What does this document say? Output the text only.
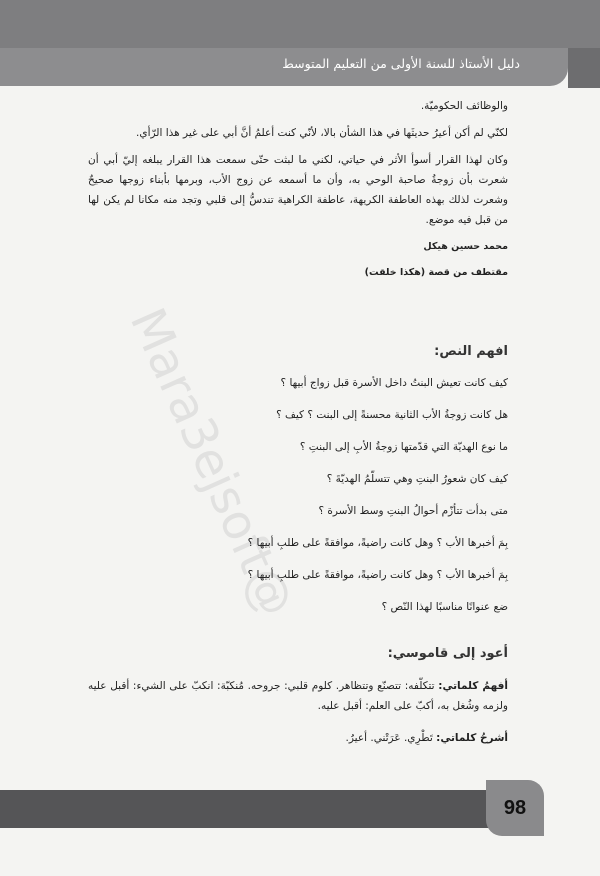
دليل الأستاذ للسنة الأولى من التعليم المتوسط
@Mara3ejsoft

والوظائف الحكوميّة.

لكنّي لم أكن أعيرُ حديثَها في هذا الشأن بالا، لأنّي كنت أعلمُ أنَّ أبي على غير هذا الرّأي.

وكان لهذا القرار أسوأ الأثر في حياتي، لكني ما لبثت حتّى سمعت هذا القرار يبلغه إليّ أبي أن شعرت بأن زوجةُ صاحبة الوحي به، وأن ما أسمعه عن زوج الأب، وبرمها بأبناء زوجها صحيحٌ وشعرت لذلك بهذه العاطفة الكريهة، عاطفة الكراهية تندسُّ إلى قلبي وتجد منه مكانا لم يكن لها من قبل فيه موضع.

محمد حسين هيكل
مقتطف من قصة (هكذا خلقت)
افهم النص:
كيف كانت تعيش البنتُ داخل الأسرة قبل زواج أبيها ؟
هل كانت زوجةُ الأب الثانية محسنةً إلى البنت ؟ كيف ؟
ما نوع الهديّة التي قدّمتها زوجةُ الأبِ إلى البنتِ ؟
كيف كان شعورُ البنتِ وهي تتسلّمُ الهديّةَ ؟
متى بدأت تتأزّم أحوالُ البنتِ وسط الأسرة ؟
بِمَ أخبرها الأب ؟ وهل كانت راضيةً، موافقةً على طلبِ أبيها ؟
بِمَ أخبرها الأب ؟ وهل كانت راضيةً، موافقةً على طلبِ أبيها ؟
ضع عنوانًا مناسبًا لهذا النّص ؟
أعود إلى قاموسي:
أفهمُ كلماتي: تتكلّفه: تتصنّع وتتظاهر. كلوم قلبي: جروحه. مُنكبّة: انكبّ على الشيء: أقبل عليه ولزمه وشُغل به، أكبّ على العلم: أقبل عليه.
أشرحُ كلماتي: تَطْرِي. عَرَتْني. أعيرُ.
98
